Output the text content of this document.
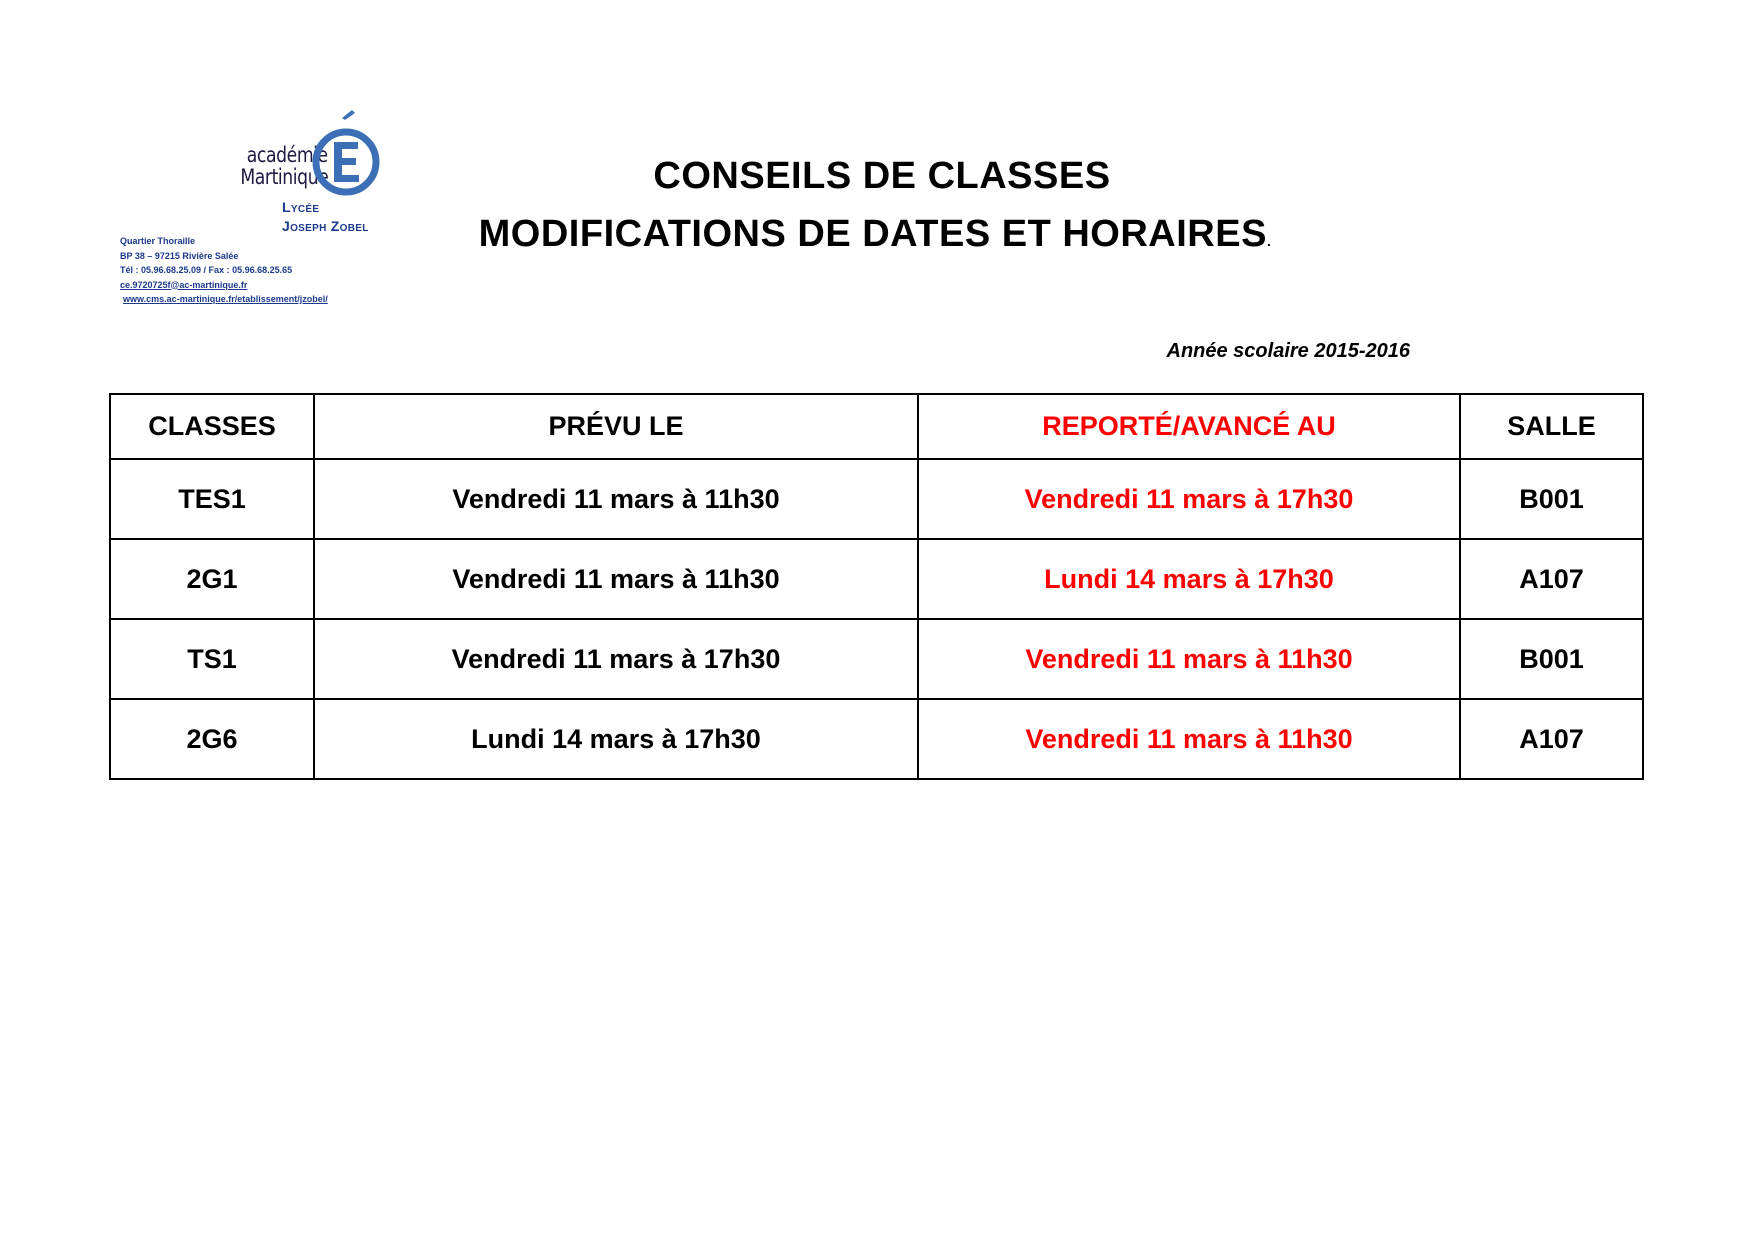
académie
Martinique
Lycée
Joseph Zobel
Quartier Thoraille
BP 38 – 97215 Rivière Salée
Tél : 05.96.68.25.09 / Fax : 05.96.68.25.65
ce.9720725f@ac-martinique.fr
www.cms.ac-martinique.fr/etablissement/jzobel/
CONSEILS DE CLASSES
MODIFICATIONS DE DATES ET HORAIRES.
Année scolaire 2015-2016
CLASSES	PRÉVU LE	REPORTÉ/AVANCÉ AU	SALLE
TES1	Vendredi 11 mars à 11h30	Vendredi 11 mars à 17h30	B001
2G1	Vendredi 11 mars à 11h30	Lundi 14 mars à 17h30	A107
TS1	Vendredi 11 mars à 17h30	Vendredi 11 mars à 11h30	B001
2G6	Lundi 14 mars à 17h30	Vendredi 11 mars à 11h30	A107
